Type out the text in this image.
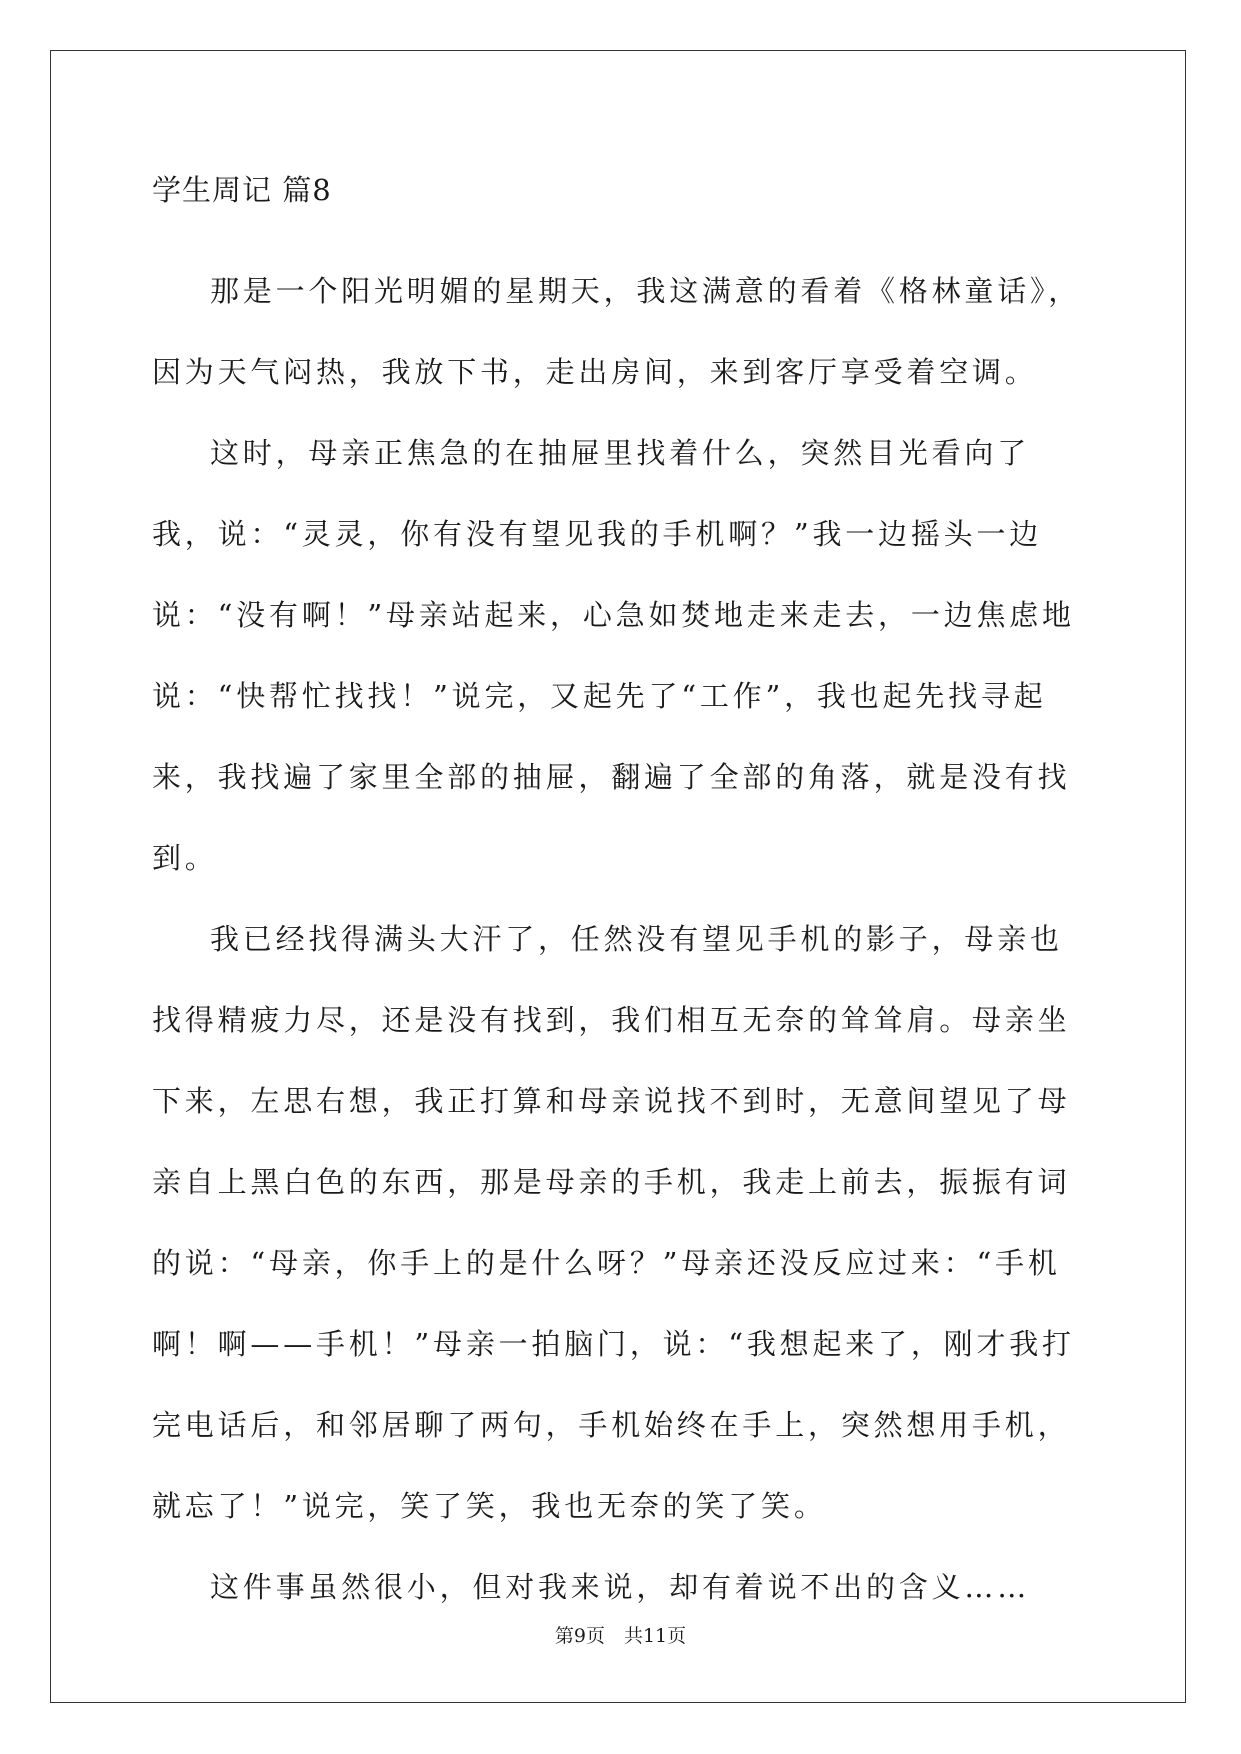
学生周记 篇8

那是一个阳光明媚的星期天，我这满意的看着《格林童话》，因为天气闷热，我放下书，走出房间，来到客厅享受着空调。

这时，母亲正焦急的在抽屉里找着什么，突然目光看向了我，说：“灵灵，你有没有望见我的手机啊？”我一边摇头一边说：“没有啊！”母亲站起来，心急如焚地走来走去，一边焦虑地说：“快帮忙找找！”说完，又起先了“工作”，我也起先找寻起来，我找遍了家里全部的抽屉，翻遍了全部的角落，就是没有找到。

我已经找得满头大汗了，任然没有望见手机的影子，母亲也找得精疲力尽，还是没有找到，我们相互无奈的耸耸肩。母亲坐下来，左思右想，我正打算和母亲说找不到时，无意间望见了母亲自上黑白色的东西，那是母亲的手机，我走上前去，振振有词的说：“母亲，你手上的是什么呀？”母亲还没反应过来：“手机啊！啊——手机！”母亲一拍脑门，说：“我想起来了，刚才我打完电话后，和邻居聊了两句，手机始终在手上，突然想用手机，就忘了！”说完，笑了笑，我也无奈的笑了笑。

这件事虽然很小，但对我来说，却有着说不出的含义……

第9页　共11页
